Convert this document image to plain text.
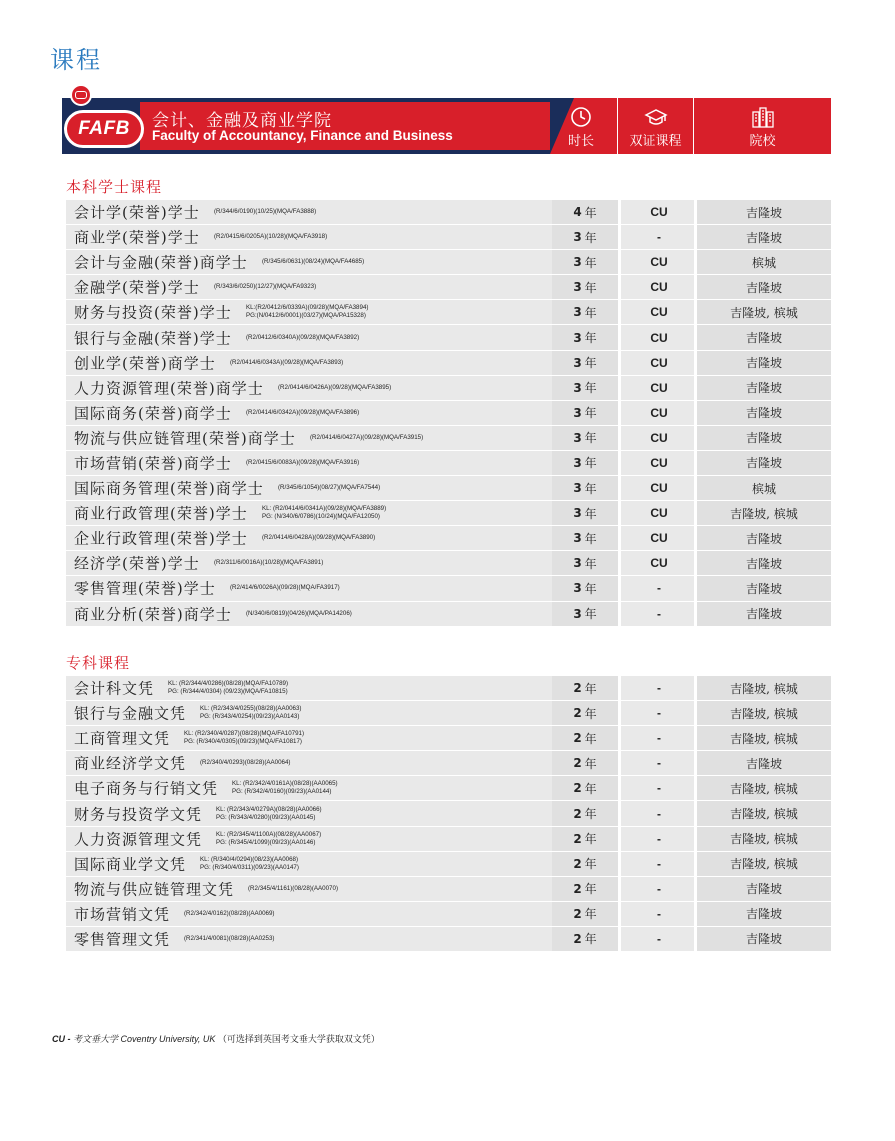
课程
FAFB 会计、金融及商业学院
Faculty of Accountancy, Finance and Business	时长	双证课程	院校
本科学士课程
会计学(荣誉)学士 (R/344/6/0190)(10/25)(MQA/FA3888)	4 年	CU	吉隆坡
商业学(荣誉)学士 (R2/0415/6/0205A)(10/28)(MQA/FA3918)	3 年	-	吉隆坡
会计与金融(荣誉)商学士 (R/345/6/0631)(08/24)(MQA/FA4685)	3 年	CU	槟城
金融学(荣誉)学士 (R/343/6/0250)(12/27)(MQA/FA9323)	3 年	CU	吉隆坡
财务与投资(荣誉)学士 KL:(R2/0412/6/0339A)(09/28)(MQA/FA3894)
PG:(N/0412/6/0001)(03/27)(MQA/PA15328)	3 年	CU	吉隆坡, 槟城
银行与金融(荣誉)学士 (R2/0412/6/0340A)(09/28)(MQA/FA3892)	3 年	CU	吉隆坡
创业学(荣誉)商学士 (R2/0414/6/0343A)(09/28)(MQA/FA3893)	3 年	CU	吉隆坡
人力资源管理(荣誉)商学士 (R2/0414/6/0426A)(09/28)(MQA/FA3895)	3 年	CU	吉隆坡
国际商务(荣誉)商学士 (R2/0414/6/0342A)(09/28)(MQA/FA3896)	3 年	CU	吉隆坡
物流与供应链管理(荣誉)商学士 (R2/0414/6/0427A)(09/28)(MQA/FA3915)	3 年	CU	吉隆坡
市场营销(荣誉)商学士 (R2/0415/6/0083A)(09/28)(MQA/FA3916)	3 年	CU	吉隆坡
国际商务管理(荣誉)商学士 (R/345/6/1054)(08/27)(MQA/FA7544)	3 年	CU	槟城
商业行政管理(荣誉)学士 KL: (R2/0414/6/0341A)(09/28)(MQA/FA3889)
PG: (N/340/6/0786)(10/24)(MQA/FA12050)	3 年	CU	吉隆坡, 槟城
企业行政管理(荣誉)学士 (R2/0414/6/0428A)(09/28)(MQA/FA3890)	3 年	CU	吉隆坡
经济学(荣誉)学士 (R2/311/6/0016A)(10/28)(MQA/FA3891)	3 年	CU	吉隆坡
零售管理(荣誉)学士 (R2/414/6/0026A)(09/28)(MQA/FA3917)	3 年	-	吉隆坡
商业分析(荣誉)商学士 (N/340/6/0819)(04/26)(MQA/PA14206)	3 年	-	吉隆坡
专科课程
会计科文凭 KL: (R2/344/4/0286)(08/28)(MQA/FA10789)
PG: (R/344/4/0304) (09/23)(MQA/FA10815)	2 年	-	吉隆坡, 槟城
银行与金融文凭 KL: (R2/343/4/0255)(08/28)(AA0063)
PG: (R/343/4/0254)(09/23)(AA0143)	2 年	-	吉隆坡, 槟城
工商管理文凭 KL: (R2/340/4/0287)(08/28)(MQA/FA10791)
PG: (R/340/4/0305)(09/23)(MQA/FA10817)	2 年	-	吉隆坡, 槟城
商业经济学文凭 (R2/340/4/0293)(08/28)(AA0064)	2 年	-	吉隆坡
电子商务与行销文凭 KL: (R2/342/4/0161A)(08/28)(AA0065)
PG: (R/342/4/0160)(09/23)(AA0144)	2 年	-	吉隆坡, 槟城
财务与投资学文凭 KL: (R2/343/4/0279A)(08/28)(AA0066)
PG: (R/343/4/0280)(09/23)(AA0145)	2 年	-	吉隆坡, 槟城
人力资源管理文凭 KL: (R2/345/4/1100A)(08/28)(AA0067)
PG: (R/345/4/1099)(09/23)(AA0146)	2 年	-	吉隆坡, 槟城
国际商业学文凭 KL: (R/340/4/0294)(08/23)(AA0068)
PG: (R/340/4/0311)(09/23)(AA0147)	2 年	-	吉隆坡, 槟城
物流与供应链管理文凭 (R2/345/4/1161)(08/28)(AA0070)	2 年	-	吉隆坡
市场营销文凭 (R2/342/4/0162)(08/28)(AA0069)	2 年	-	吉隆坡
零售管理文凭 (R2/341/4/0081)(08/28)(AA0253)	2 年	-	吉隆坡
CU - 考文垂大学 Coventry University, UK （可选择到英国考文垂大学获取双文凭）
